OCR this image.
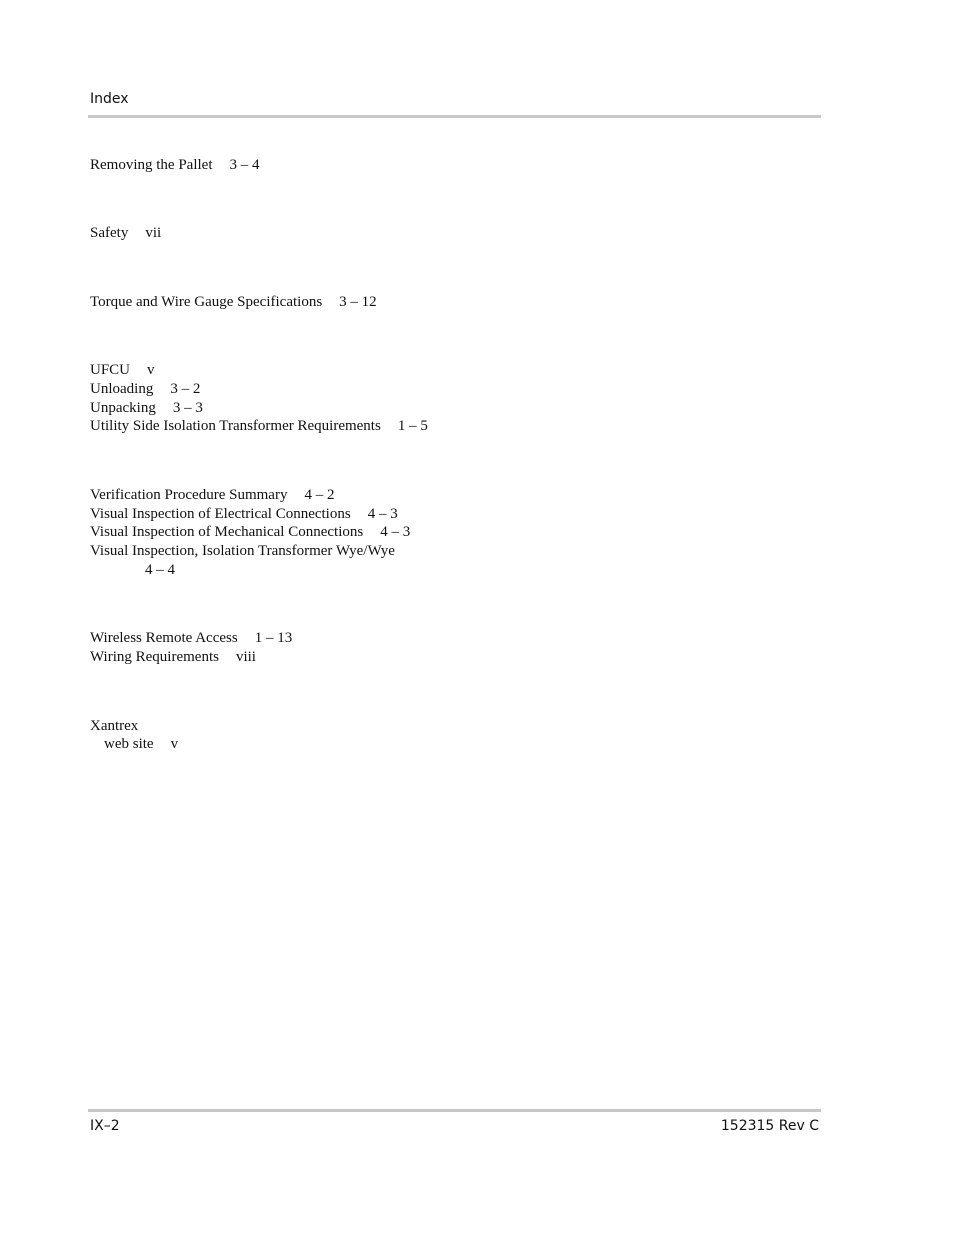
Index
Removing the Pallet 3 – 4
Safety vii
Torque and Wire Gauge Specifications 3 – 12
UFCU v
Unloading 3 – 2
Unpacking 3 – 3
Utility Side Isolation Transformer Requirements 1 – 5
Verification Procedure Summary 4 – 2
Visual Inspection of Electrical Connections 4 – 3
Visual Inspection of Mechanical Connections 4 – 3
Visual Inspection, Isolation Transformer Wye/Wye
4 – 4
Wireless Remote Access 1 – 13
Wiring Requirements viii
Xantrex
web site v
IX–2	152315 Rev C
